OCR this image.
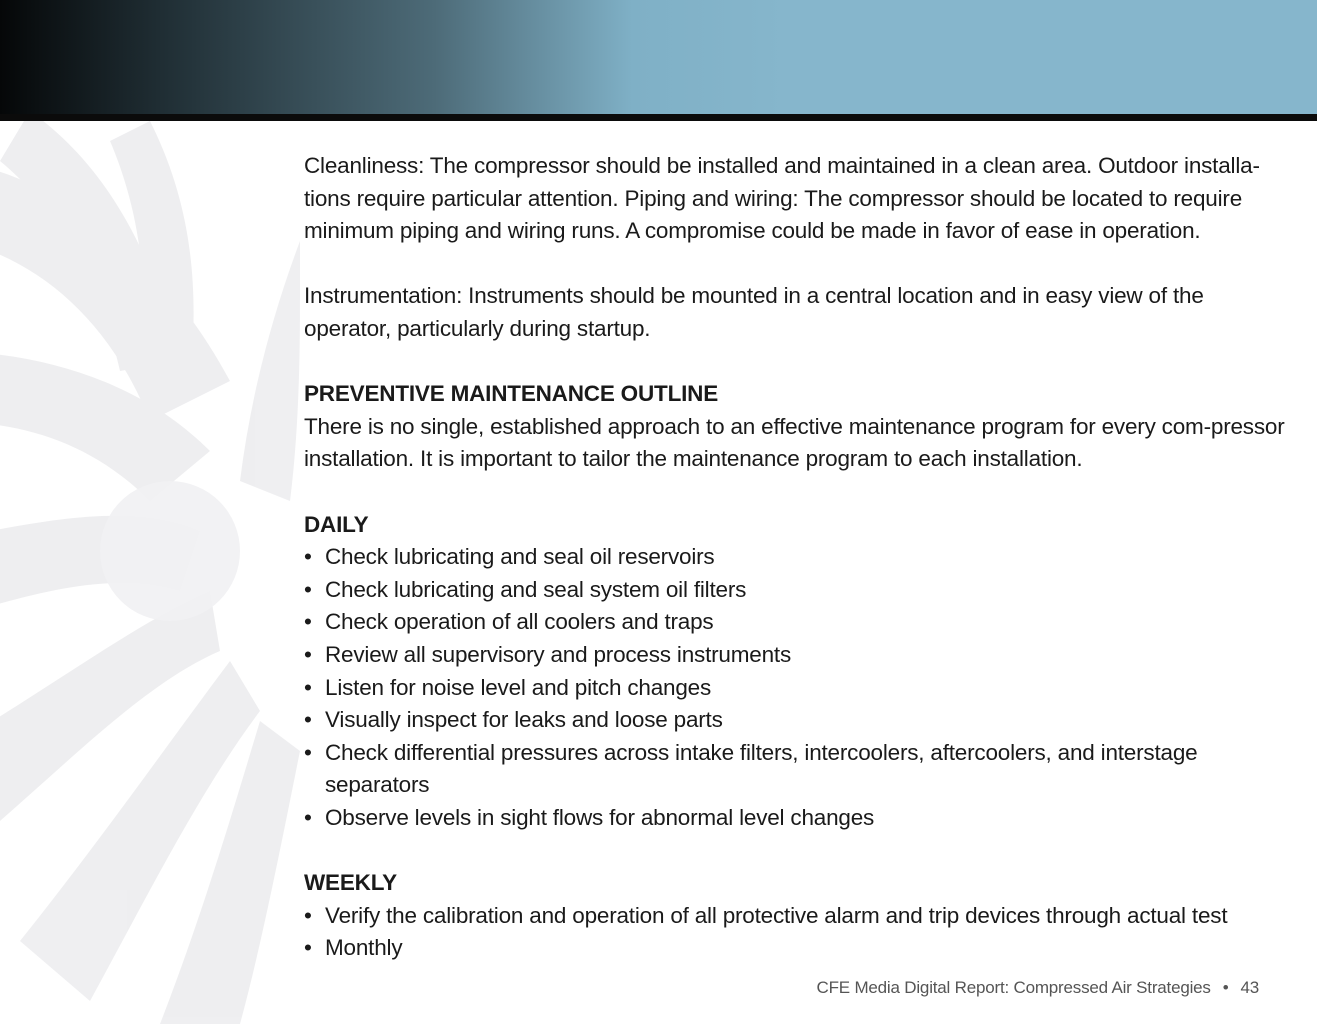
Cleanliness: The compressor should be installed and maintained in a clean area. Outdoor installa-tions require particular attention. Piping and wiring: The compressor should be located to require minimum piping and wiring runs. A compromise could be made in favor of ease in operation.

Instrumentation: Instruments should be mounted in a central location and in easy view of the operator, particularly during startup.

PREVENTIVE MAINTENANCE OUTLINE

There is no single, established approach to an effective maintenance program for every com-pressor installation. It is important to tailor the maintenance program to each installation.

DAILY

• Check lubricating and seal oil reservoirs
• Check lubricating and seal system oil filters
• Check operation of all coolers and traps
• Review all supervisory and process instruments
• Listen for noise level and pitch changes
• Visually inspect for leaks and loose parts
• Check differential pressures across intake filters, intercoolers, aftercoolers, and interstage separators
• Observe levels in sight flows for abnormal level changes

WEEKLY

• Verify the calibration and operation of all protective alarm and trip devices through actual test
• Monthly
CFE Media Digital Report: Compressed Air Strategies • 43
